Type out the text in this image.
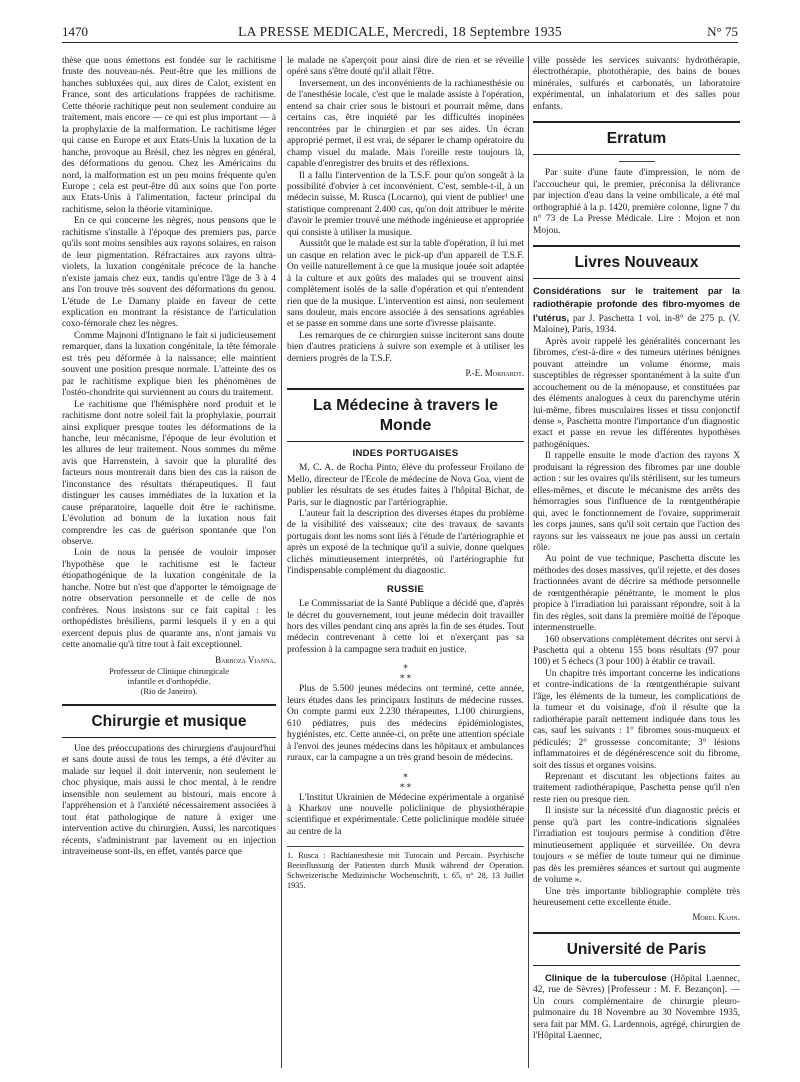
1470	LA PRESSE MEDICALE, Mercredi, 18 Septembre 1935	N° 75

thèse que nous émettons est fondée sur le rachitisme fruste des nouveau-nés. Peut-être que les millions de hanches subluxées qui, aux dires de Calot, existent en France, sont des articulations frappées de rachitisme. Cette théorie rachitique peut non seulement conduire au traitement, mais encore — ce qui est plus important — à la prophylaxie de la malformation. Le rachitisme léger qui cause en Europe et aux Etats-Unis la luxation de la hanche, provoque au Brésil, chez les nègres en général, des déformations du genou. Chez les Américains du nord, la malformation est un peu moins fréquente qu'en Europe ; cela est peut-être dû aux soins que l'on porte aux Etats-Unis à l'alimentation, facteur principal du rachitisme, selon la théorie vitaminique.

En ce qui concerne les nègres, nous pensons que le rachitisme s'installe à l'époque des premiers pas, parce qu'ils sont moins sensibles aux rayons solaires, en raison de leur pigmentation. Réfractaires aux rayons ultra-violets, la luxation congénitale précoce de la hanche n'existe jamais chez eux, tandis qu'entre l'âge de 3 à 4 ans l'on trouve très souvent des déformations du genou. L'étude de Le Damany plaide en faveur de cette explication en montrant la résistance de l'articulation coxo-fémorale chez les nègres.

Comme Majnoni d'Intignano le fait si judicieusement remarquer, dans la luxation congénitale, la tête fémorale est très peu déformée à la naissance; elle maintient souvent une position presque normale. L'atteinte des os par le rachitisme explique bien les phénomènes de l'ostéo-chondrite qui surviennent au cours du traitement.

Le rachitisme que l'hémisphère nord produit et le rachitisme dont notre soleil fait la prophylaxie, pourrait ainsi expliquer presque toutes les déformations de la hanche, leur mécanisme, l'époque de leur évolution et les allures de leur traitement. Nous sommes du même avis que Harrenstein, à savoir que la pluralité des facteurs nous montrerait dans bien des cas la raison de l'inconstance des résultats thérapeutiques. Il faut distinguer les causes immédiates de la luxation et la cause préparatoire, laquelle doit être le rachitisme. L'évolution ad bonum de la luxation nous fait comprendre les cas de guérison spontanée que l'on observe.

Loin de nous la pensée de vouloir imposer l'hypothèse que le rachitisme est le facteur étiopathogénique de la luxation congénitale de la hanche. Notre but n'est que d'apporter le témoignage de notre observation personnelle et de celle de nos confrères. Nous insistons sur ce fait capital : les orthopédistes brésiliens, parmi lesquels il y en a qui exercent depuis plus de quarante ans, n'ont jamais vu cette anomalie qu'à titre tout à fait exceptionnel.

Barboza Vianna.
Professeur de Clinique chirurgicale
infantile et d'orthopédie.
(Rio de Janeiro).
Chirurgie et musique

Une des préoccupations des chirurgiens d'aujourd'hui et sans doute aussi de tous les temps, a été d'éviter au malade sur lequel il doit intervenir, non seulement le choc physique, mais aussi le choc mental, à le rendre insensible non seulement au bistouri, mais encore à l'appréhension et à l'anxiété nécessairement associées à tout état pathologique de nature à exiger une intervention active du chirurgien. Aussi, les narcotiques récents, s'administrant par lavement ou en injection intraveineuse sont-ils, en effet, vantés parce que

le malade ne s'aperçoit pour ainsi dire de rien et se réveille opéré sans s'être douté qu'il allait l'être.

Inversement, un des inconvénients de la rachianesthésie ou de l'anesthésie locale, c'est que le malade assiste à l'opération, entend sa chair crier sous le bistouri et pourrait même, dans certains cas, être inquiété par les difficultés inopinées rencontrées par le chirurgien et par ses aides. Un écran approprié permet, il est vrai, de séparer le champ opératoire du champ visuel du malade. Mais l'oreille reste toujours là, capable d'enregistrer des bruits et des réflexions.

Il a fallu l'intervention de la T.S.F. pour qu'on songeât à la possibilité d'obvier à cet inconvénient. C'est, semble-t-il, à un médecin suisse, M. Rusca (Locarno), qui vient de publier¹ une statistique comprenant 2.400 cas, qu'on doit attribuer le mérite d'avoir le premier trouvé une méthode ingénieuse et appropriée qui consiste à utiliser la musique.

Aussitôt que le malade est sur la table d'opération, il lui met un casque en relation avec le pick-up d'un appareil de T.S.F. On veille naturellement à ce que la musique jouée soit adaptée à la culture et aux goûts des malades qui se trouvent ainsi complètement isolés de la salle d'opération et qui n'entendent rien que de la musique. L'intervention est ainsi, non seulement sans douleur, mais encore associée à des sensations agréables et se passe en somme dans une sorte d'ivresse plaisante.

Les remarques de ce chirurgien suisse inciteront sans doute bien d'autres praticiens à suivre son exemple et à utiliser les derniers progrès de la T.S.F.

P.-E. Morhardt.
La Médecine à travers le Monde
INDES PORTUGAISES

M. C. A. de Rocha Pinto, élève du professeur Froilano de Mello, directeur de l'Ecole de médecine de Nova Goa, vient de publier les résultats de ses études faites à l'hôpital Bichat, de Paris, sur le diagnostic par l'artériographie.

L'auteur fait la description des diverses étapes du problème de la visibilité des vaisseaux; cite des travaux de savants portugais dont les noms sont liés à l'étude de l'artériographie et après un exposé de la technique qu'il a suivie, donne quelques clichés minutieusement interprétés, où l'artériographie fut l'indispensable complément du diagnostic.

RUSSIE

Le Commissariat de la Santé Publique a décidé que, d'après le décret du gouvernement, tout jeune médecin doit travailler hors des villes pendant cinq ans après la fin de ses études. Tout médecin contrevenant à cette loi et n'exerçant pas sa profession à la campagne sera traduit en justice.

⁎
⁎ ⁎

Plus de 5.500 jeunes médecins ont terminé, cette année, leurs études dans les principaux Instituts de médecine russes. On compte parmi eux 2.230 thérapeutes, 1.100 chirurgiens, 610 pédiatres, puis des médecins épidémiologistes, hygiénistes, etc. Cette année-ci, on prête une attention spéciale à l'envoi des jeunes médecins dans les hôpitaux et ambulances ruraux, car la campagne a un très grand besoin de médecins.

⁎
⁎ ⁎

L'Institut Ukrainien de Médecine expérimentale a organisé à Kharkov une nouvelle policlinique de physiothérapie scientifique et expérimentale. Cette policlinique modèle située au centre de la

1. Rusca : Rachianesthesie mit Tutocain und Percain. Psychische Beeinflussung der Patienten durch Musik während der Operation. Schweizerische Medizinische Wochenschrift, t. 65, n° 28, 13 Juillet 1935.

ville possède les services suivants: hydrothérapie, électrothérapie, photothérapie, des bains de boues minérales, sulfurés et carbonatés, un laboratoire expérimental, un inhalatorium et des salles pour enfants.

Erratum

Par suite d'une faute d'impression, le nom de l'accoucheur qui, le premier, préconisa la délivrance par injection d'eau dans la veine ombilicale, a été mal orthographié à la p. 1420, première colonne, ligne 7 du n° 73 de La Presse Médicale. Lire : Mojon et non Mojou.

Livres Nouveaux

Considérations sur le traitement par la radiothérapie profonde des fibro-myomes de l'utérus, par J. Paschetta 1 vol. in-8° de 275 p. (V. Maloine), Paris, 1934.

Après avoir rappelé les généralités concernant les fibromes, c'est-à-dire « des tumeurs utérines bénignes pouvant atteindre un volume énorme, mais susceptibles de régresser spontanément à la suite d'un accouchement ou de la ménopause, et constituées par des éléments analogues à ceux du parenchyme utérin lui-même, fibres musculaires lisses et tissu conjonctif dense », Paschetta montre l'importance d'un diagnostic exact et passe en revue les différentes hypothèses pathogéniques.

Il rappelle ensuite le mode d'action des rayons X produisant la régression des fibromes par une double action : sur les ovaires qu'ils stérilisent, sur les tumeurs elles-mêmes, et discute le mécanisme des arrêts des hémorragies sous l'influence de la rœntgenthérapie qui, avec le fonctionnement de l'ovaire, supprimerait les corps jaunes, sans qu'il soit certain que l'action des rayons sur les vaisseaux ne joue pas aussi un certain rôle.

Au point de vue technique, Paschetta discute les méthodes des doses massives, qu'il rejette, et des doses fractionnées avant de décrire sa méthode personnelle de rœntgenthérapie pénétrante, le moment le plus propice à l'irradiation lui paraissant répondre, soit à la fin des règles, soit dans la première moitié de l'époque intermenstruelle.

160 observations complètement décrites ont servi à Paschetta qui a obtenu 155 bons résultats (97 pour 100) et 5 échecs (3 pour 100) à établir ce travail.

Un chapitre très important concerne les indications et contre-indications de la rœntgenthérapie suivant l'âge, les éléments de la tumeur, les complications de la tumeur et du voisinage, d'où il résulte que la radiothérapie paraît nettement indiquée dans tous les cas, sauf les suivants : 1° fibromes sous-muqueux et pédiculés; 2° grossesse concomitante; 3° lésions inflammatoires et de dégénérescence soit du fibrome, soit des tissus et organes voisins.

Reprenant et discutant les objections faites au traitement radiothérapique, Paschetta pense qu'il n'en reste rien ou presque rien.

Il insiste sur la nécessité d'un diagnostic précis et pense qu'à part les contre-indications signalées l'irradiation est toujours permise à condition d'être minutieusement appliquée et surveillée. On devra toujours « se méfier de toute tumeur qui ne diminue pas dès les premières séances et surtout qui augmente de volume ».

Une très importante bibliographie complète très heureusement cette excellente étude.

Morel Kahn.
Université de Paris

Clinique de la tuberculose (Hôpital Laennec, 42, rue de Sèvres) [Professeur : M. F. Bezançon]. — Un cours complémentaire de chirurgie pleuro-pulmonaire du 18 Novembre au 30 Novembre 1935, sera fait par MM. G. Lardennois, agrégé, chirurgien de l'Hôpital Laennec,
